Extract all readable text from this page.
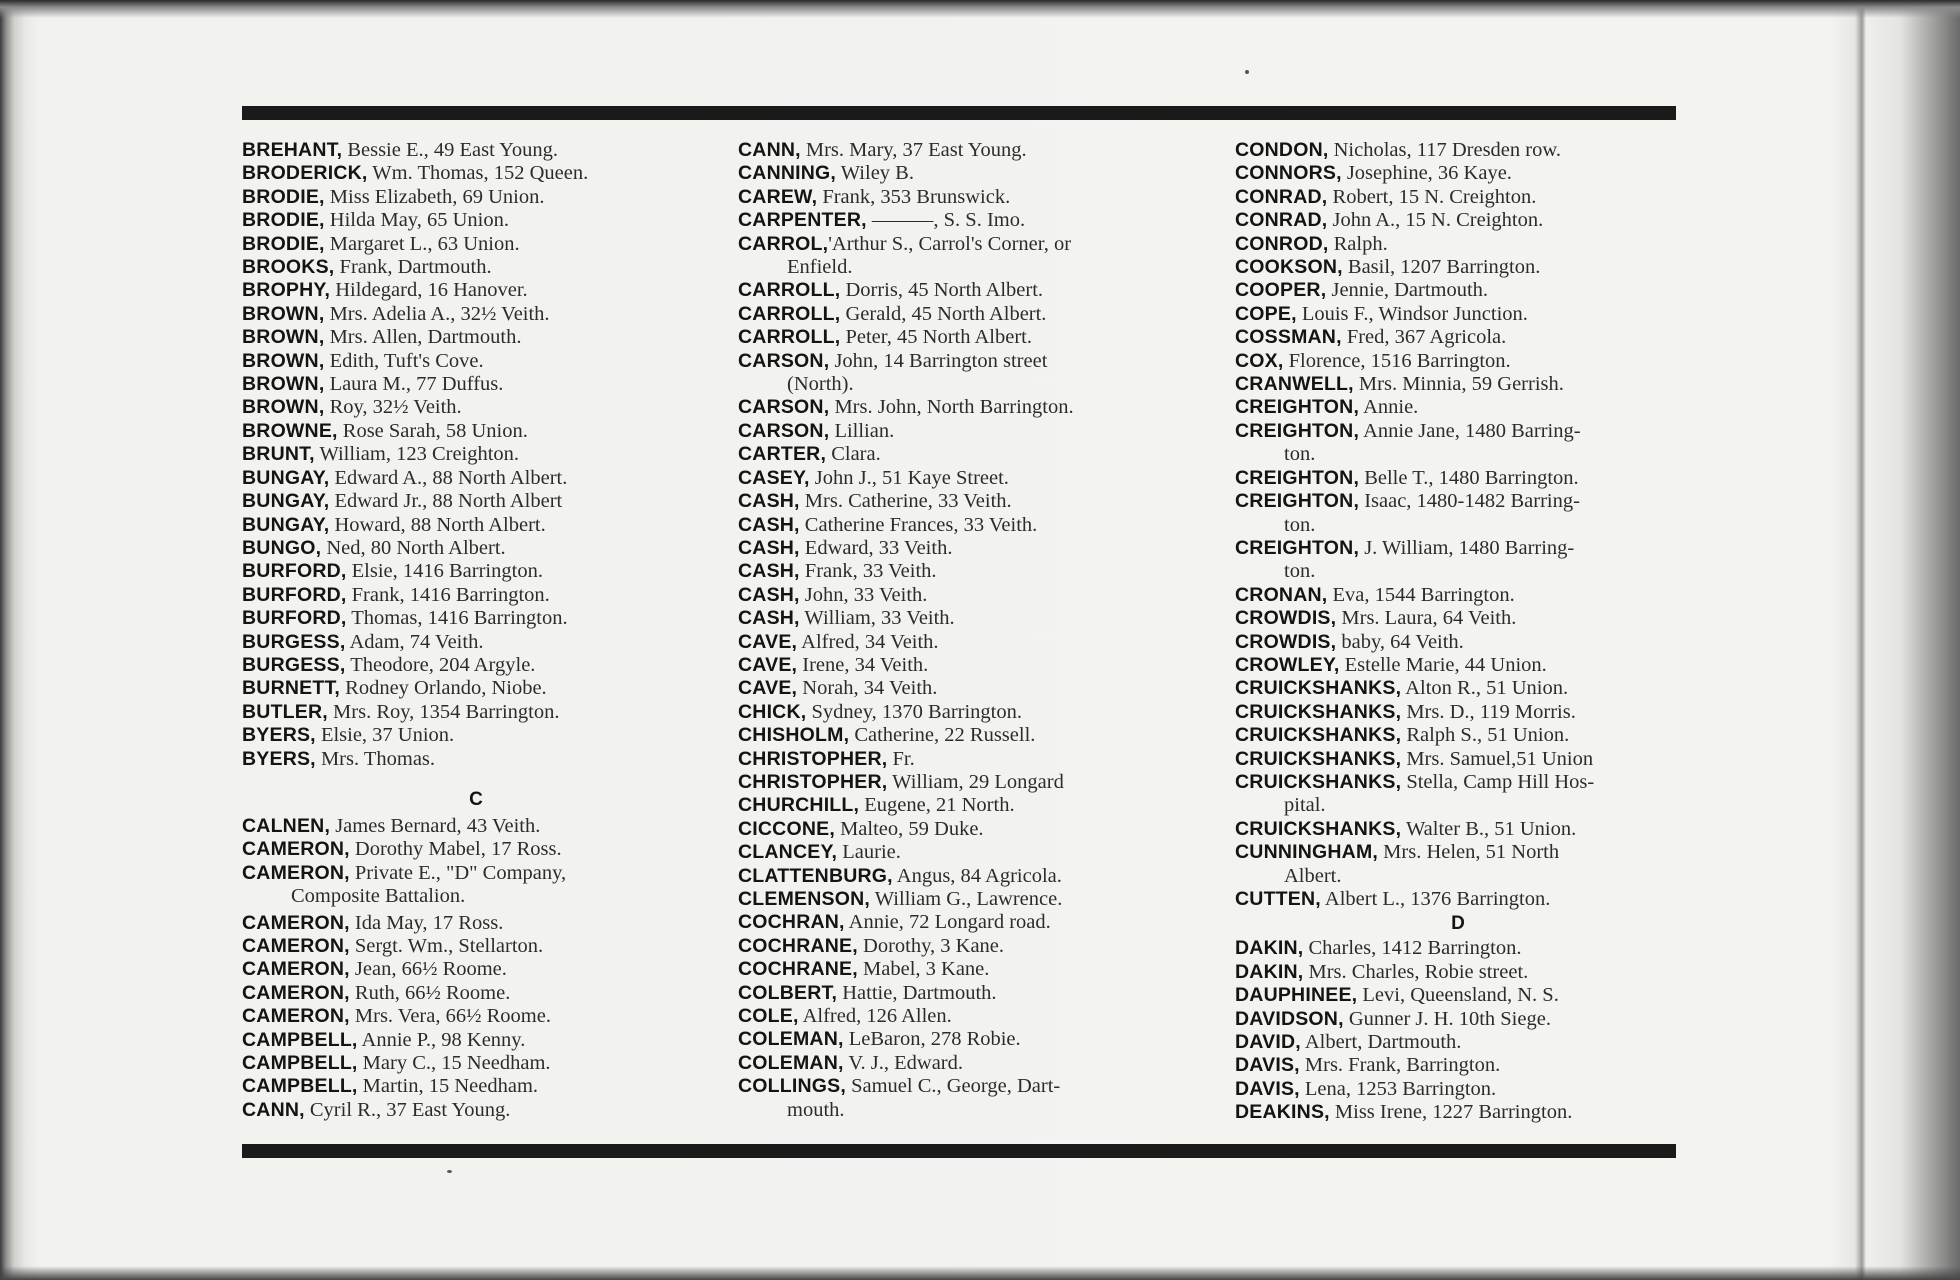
BREHANT, Bessie E., 49 East Young.
BRODERICK, Wm. Thomas, 152 Queen.
BRODIE, Miss Elizabeth, 69 Union.
BRODIE, Hilda May, 65 Union.
BRODIE, Margaret L., 63 Union.
BROOKS, Frank, Dartmouth.
BROPHY, Hildegard, 16 Hanover.
BROWN, Mrs. Adelia A., 32½ Veith.
BROWN, Mrs. Allen, Dartmouth.
BROWN, Edith, Tuft's Cove.
BROWN, Laura M., 77 Duffus.
BROWN, Roy, 32½ Veith.
BROWNE, Rose Sarah, 58 Union.
BRUNT, William, 123 Creighton.
BUNGAY, Edward A., 88 North Albert.
BUNGAY, Edward Jr., 88 North Albert
BUNGAY, Howard, 88 North Albert.
BUNGO, Ned, 80 North Albert.
BURFORD, Elsie, 1416 Barrington.
BURFORD, Frank, 1416 Barrington.
BURFORD, Thomas, 1416 Barrington.
BURGESS, Adam, 74 Veith.
BURGESS, Theodore, 204 Argyle.
BURNETT, Rodney Orlando, Niobe.
BUTLER, Mrs. Roy, 1354 Barrington.
BYERS, Elsie, 37 Union.
BYERS, Mrs. Thomas.
C
CALNEN, James Bernard, 43 Veith.
CAMERON, Dorothy Mabel, 17 Ross.
CAMERON, Private E., "D" Company,
Composite Battalion.
CAMERON, Ida May, 17 Ross.
CAMERON, Sergt. Wm., Stellarton.
CAMERON, Jean, 66½ Roome.
CAMERON, Ruth, 66½ Roome.
CAMERON, Mrs. Vera, 66½ Roome.
CAMPBELL, Annie P., 98 Kenny.
CAMPBELL, Mary C., 15 Needham.
CAMPBELL, Martin, 15 Needham.
CANN, Cyril R., 37 East Young.
CANN, Mrs. Mary, 37 East Young.
CANNING, Wiley B.
CAREW, Frank, 353 Brunswick.
CARPENTER, ———, S. S. Imo.
CARROL,'Arthur S., Carrol's Corner, or
Enfield.
CARROLL, Dorris, 45 North Albert.
CARROLL, Gerald, 45 North Albert.
CARROLL, Peter, 45 North Albert.
CARSON, John, 14 Barrington street
(North).
CARSON, Mrs. John, North Barrington.
CARSON, Lillian.
CARTER, Clara.
CASEY, John J., 51 Kaye Street.
CASH, Mrs. Catherine, 33 Veith.
CASH, Catherine Frances, 33 Veith.
CASH, Edward, 33 Veith.
CASH, Frank, 33 Veith.
CASH, John, 33 Veith.
CASH, William, 33 Veith.
CAVE, Alfred, 34 Veith.
CAVE, Irene, 34 Veith.
CAVE, Norah, 34 Veith.
CHICK, Sydney, 1370 Barrington.
CHISHOLM, Catherine, 22 Russell.
CHRISTOPHER, Fr.
CHRISTOPHER, William, 29 Longard
CHURCHILL, Eugene, 21 North.
CICCONE, Malteo, 59 Duke.
CLANCEY, Laurie.
CLATTENBURG, Angus, 84 Agricola.
CLEMENSON, William G., Lawrence.
COCHRAN, Annie, 72 Longard road.
COCHRANE, Dorothy, 3 Kane.
COCHRANE, Mabel, 3 Kane.
COLBERT, Hattie, Dartmouth.
COLE, Alfred, 126 Allen.
COLEMAN, LeBaron, 278 Robie.
COLEMAN, V. J., Edward.
COLLINGS, Samuel C., George, Dart-
mouth.
CONDON, Nicholas, 117 Dresden row.
CONNORS, Josephine, 36 Kaye.
CONRAD, Robert, 15 N. Creighton.
CONRAD, John A., 15 N. Creighton.
CONROD, Ralph.
COOKSON, Basil, 1207 Barrington.
COOPER, Jennie, Dartmouth.
COPE, Louis F., Windsor Junction.
COSSMAN, Fred, 367 Agricola.
COX, Florence, 1516 Barrington.
CRANWELL, Mrs. Minnia, 59 Gerrish.
CREIGHTON, Annie.
CREIGHTON, Annie Jane, 1480 Barring-
ton.
CREIGHTON, Belle T., 1480 Barrington.
CREIGHTON, Isaac, 1480-1482 Barring-
ton.
CREIGHTON, J. William, 1480 Barring-
ton.
CRONAN, Eva, 1544 Barrington.
CROWDIS, Mrs. Laura, 64 Veith.
CROWDIS, baby, 64 Veith.
CROWLEY, Estelle Marie, 44 Union.
CRUICKSHANKS, Alton R., 51 Union.
CRUICKSHANKS, Mrs. D., 119 Morris.
CRUICKSHANKS, Ralph S., 51 Union.
CRUICKSHANKS, Mrs. Samuel,51 Union
CRUICKSHANKS, Stella, Camp Hill Hos-
pital.
CRUICKSHANKS, Walter B., 51 Union.
CUNNINGHAM, Mrs. Helen, 51 North
Albert.
CUTTEN, Albert L., 1376 Barrington.
D
DAKIN, Charles, 1412 Barrington.
DAKIN, Mrs. Charles, Robie street.
DAUPHINEE, Levi, Queensland, N. S.
DAVIDSON, Gunner J. H. 10th Siege.
DAVID, Albert, Dartmouth.
DAVIS, Mrs. Frank, Barrington.
DAVIS, Lena, 1253 Barrington.
DEAKINS, Miss Irene, 1227 Barrington.
